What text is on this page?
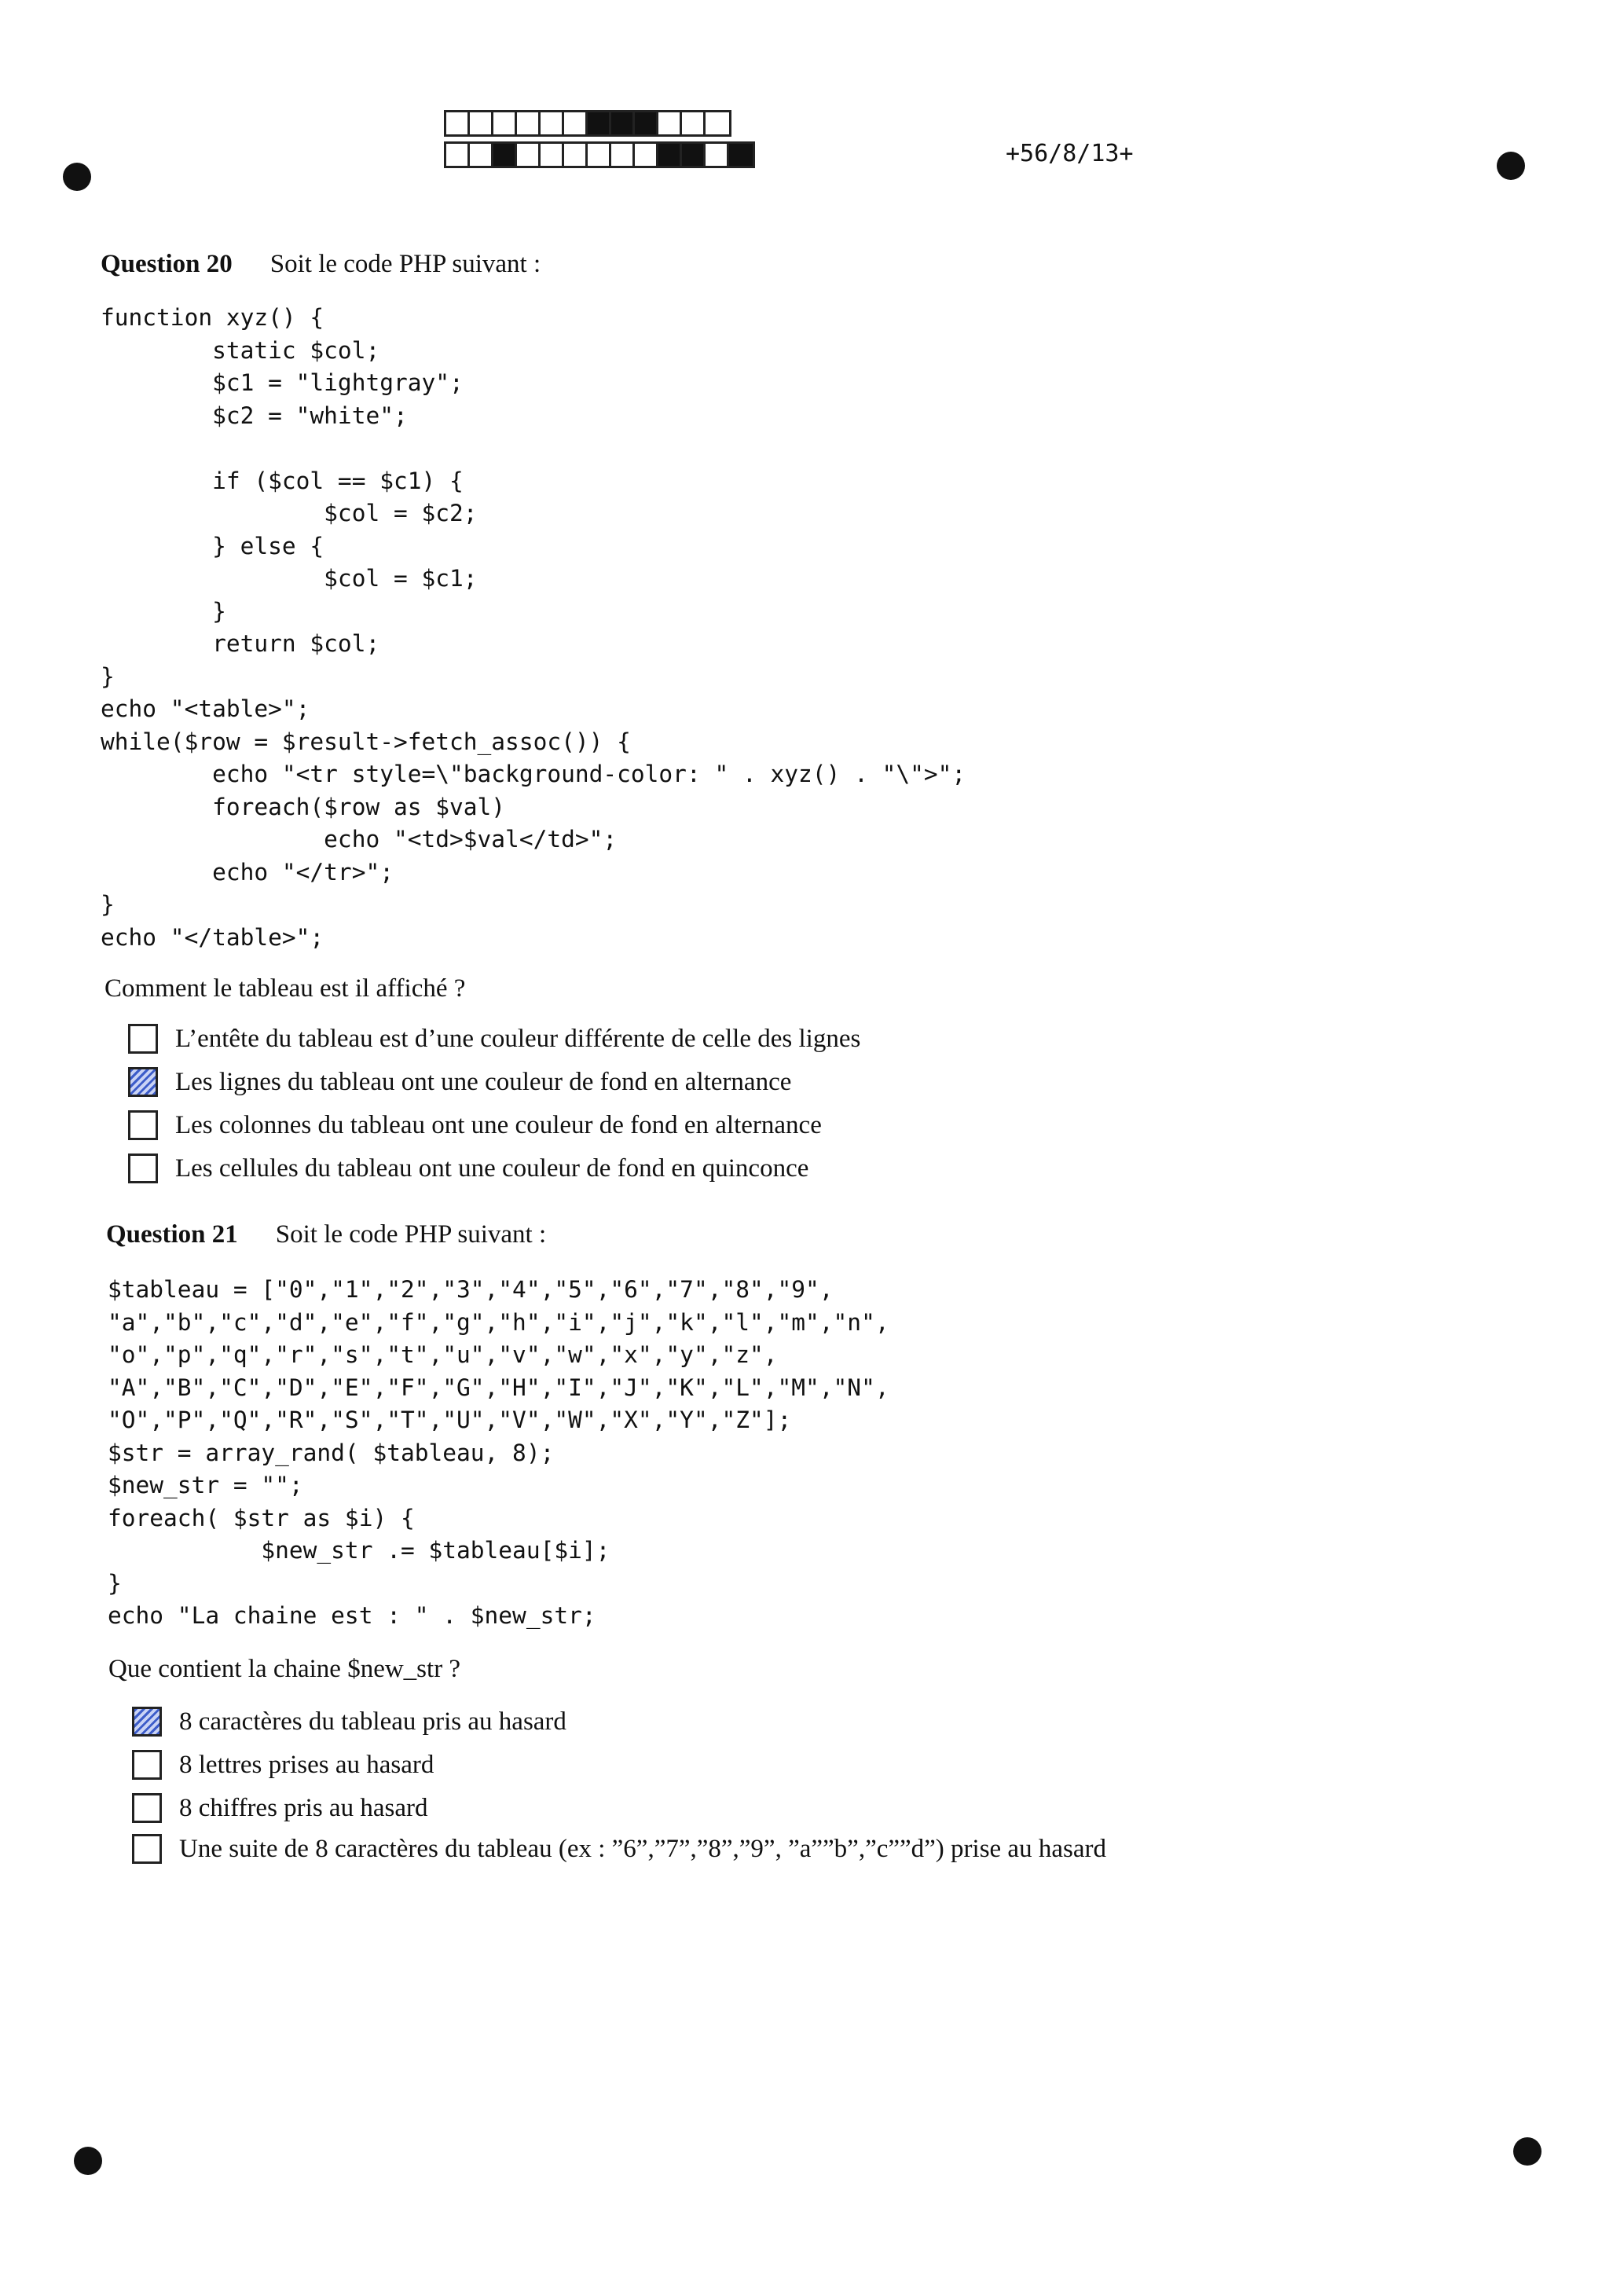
+56/8/13+
Question 20 Soit le code PHP suivant :
function xyz() {
static $col;
$c1 = "lightgray";
$c2 = "white";

if ($col == $c1) {
$col = $c2;
} else {
$col = $c1;
}
return $col;
}
echo "<table>";
while($row = $result->fetch_assoc()) {
echo "<tr style=\"background-color: " . xyz() . "\">";
foreach($row as $val)
echo "<td>$val</td>";
echo "</tr>";
}
echo "</table>";
Comment le tableau est il affiché ?
L’entête du tableau est d’une couleur différente de celle des lignes
Les lignes du tableau ont une couleur de fond en alternance
Les colonnes du tableau ont une couleur de fond en alternance
Les cellules du tableau ont une couleur de fond en quinconce
Question 21 Soit le code PHP suivant :
$tableau = ["0","1","2","3","4","5","6","7","8","9",
"a","b","c","d","e","f","g","h","i","j","k","l","m","n",
"o","p","q","r","s","t","u","v","w","x","y","z",
"A","B","C","D","E","F","G","H","I","J","K","L","M","N",
"O","P","Q","R","S","T","U","V","W","X","Y","Z"];
$str = array_rand( $tableau, 8);
$new_str = "";
foreach( $str as $i) {
$new_str .= $tableau[$i];
}
echo "La chaine est : " . $new_str;
Que contient la chaine $new_str ?
8 caractères du tableau pris au hasard
8 lettres prises au hasard
8 chiffres pris au hasard
Une suite de 8 caractères du tableau (ex : ”6”,”7”,”8”,”9”, ”a””b”,”c””d”) prise au hasard
